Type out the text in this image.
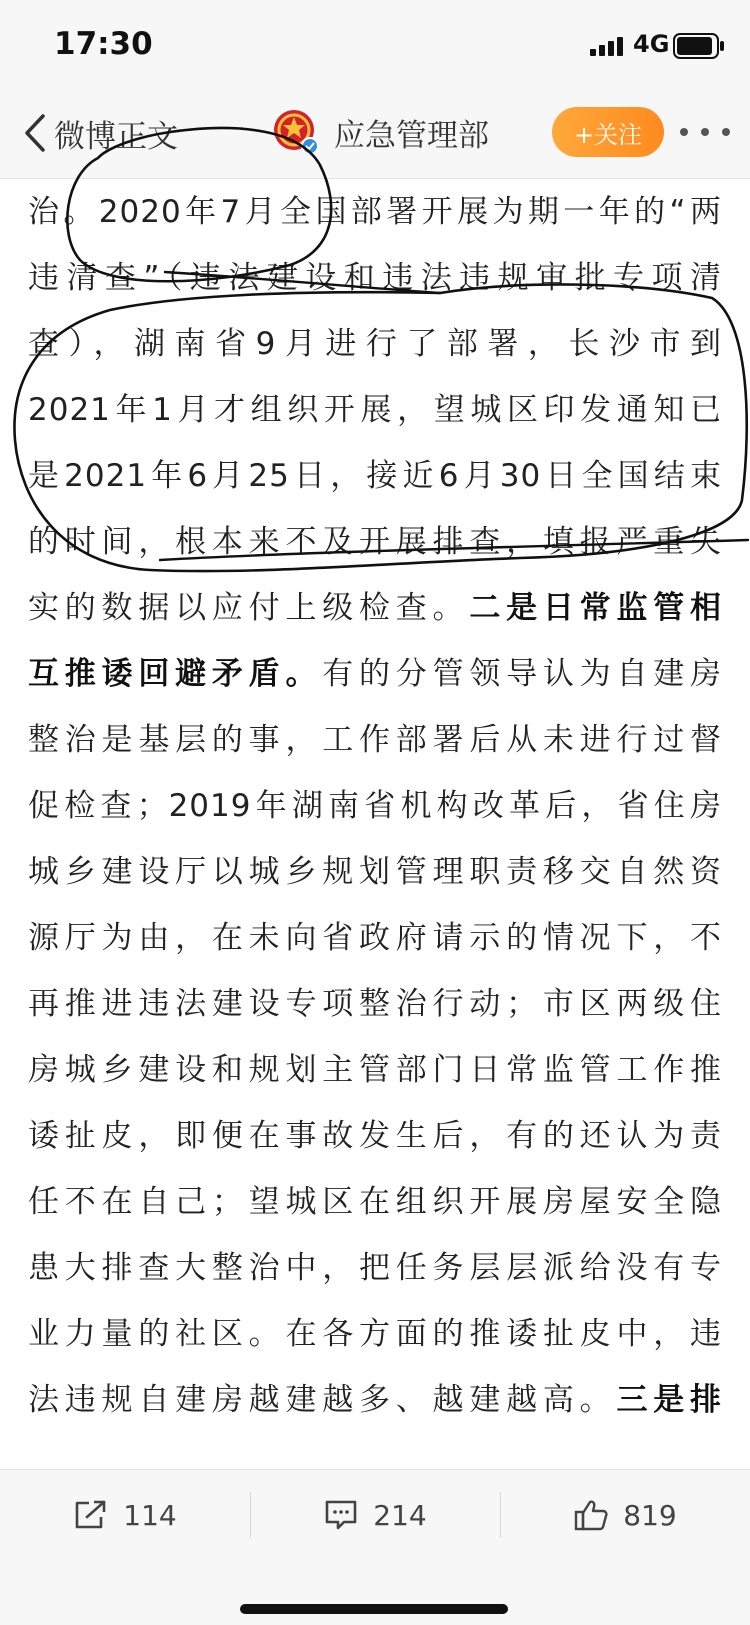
17:30	4G
微博正文	应急管理部	+关注
治。2020年7月全国部署开展为期一年的“两
违清查”（违法建设和违法违规审批专项清
查），湖南省9月进行了部署，长沙市到
2021年1月才组织开展，望城区印发通知已
是2021年6月25日，接近6月30日全国结束
的时间，根本来不及开展排查，填报严重失
实的数据以应付上级检查。二是日常监管相
互推诿回避矛盾。有的分管领导认为自建房
整治是基层的事，工作部署后从未进行过督
促检查；2019年湖南省机构改革后，省住房
城乡建设厅以城乡规划管理职责移交自然资
源厅为由，在未向省政府请示的情况下，不
再推进违法建设专项整治行动；市区两级住
房城乡建设和规划主管部门日常监管工作推
诿扯皮，即便在事故发生后，有的还认为责
任不在自己；望城区在组织开展房屋安全隐
患大排查大整治中，把任务层层派给没有专
业力量的社区。在各方面的推诿扯皮中，违
法违规自建房越建越多、越建越高。三是排
114	214	819
